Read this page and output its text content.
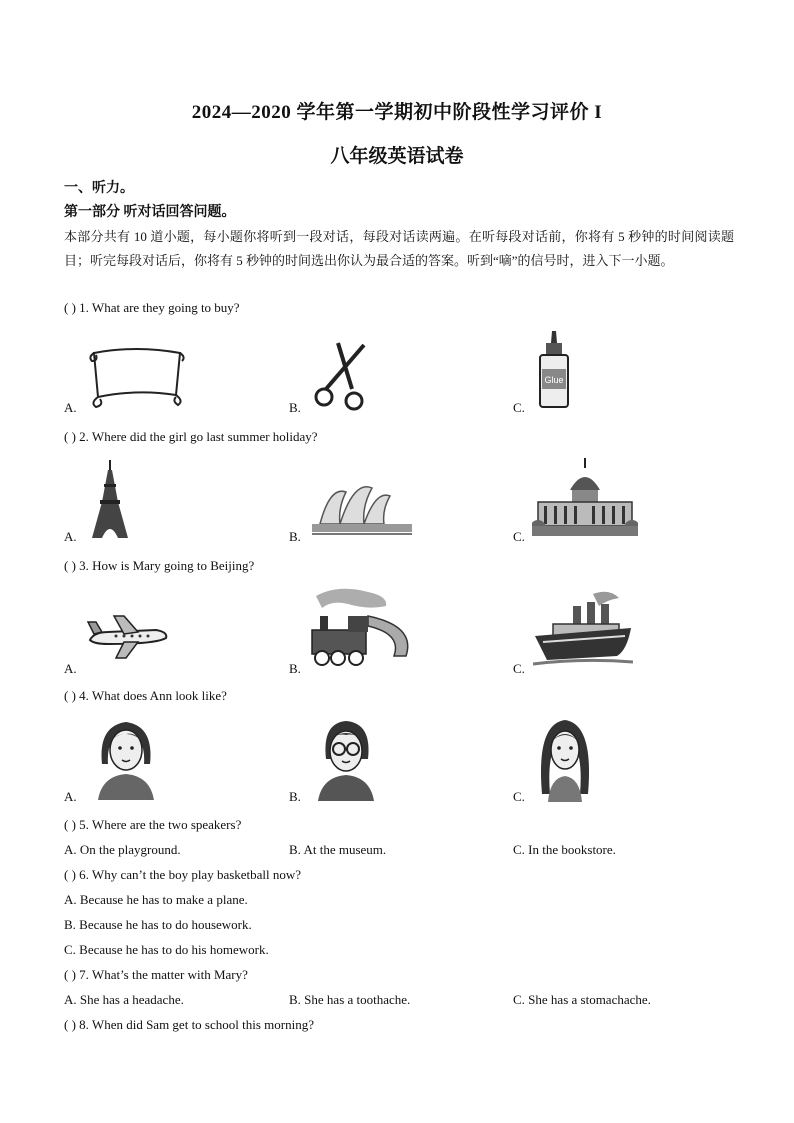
2024—2020 学年第一学期初中阶段性学习评价 I
八年级英语试卷
一、听力。
第一部分 听对话回答问题。
本部分共有 10 道小题，每小题你将听到一段对话，每段对话读两遍。在听每段对话前，你将有 5 秒钟的时间阅读题目；听完每段对话后，你将有 5 秒钟的时间选出你认为最合适的答案。听到“嘀”的信号时，进入下一小题。
( ) 1. What are they going to buy?
Glue
A.	B.	C.
( ) 2. Where did the girl go last summer holiday?
A.	B.	C.
( ) 3. How is Mary going to Beijing?
A.	B.	C.
( ) 4. What does Ann look like?
A.	B.	C.
( ) 5. Where are the two speakers?
A. On the playground.	B. At the museum.	C. In the bookstore.
( ) 6. Why can’t the boy play basketball now?
A. Because he has to make a plane.
B. Because he has to do housework.
C. Because he has to do his homework.
( ) 7. What’s the matter with Mary?
A. She has a headache.	B. She has a toothache.	C. She has a stomachache.
( ) 8. When did Sam get to school this morning?
